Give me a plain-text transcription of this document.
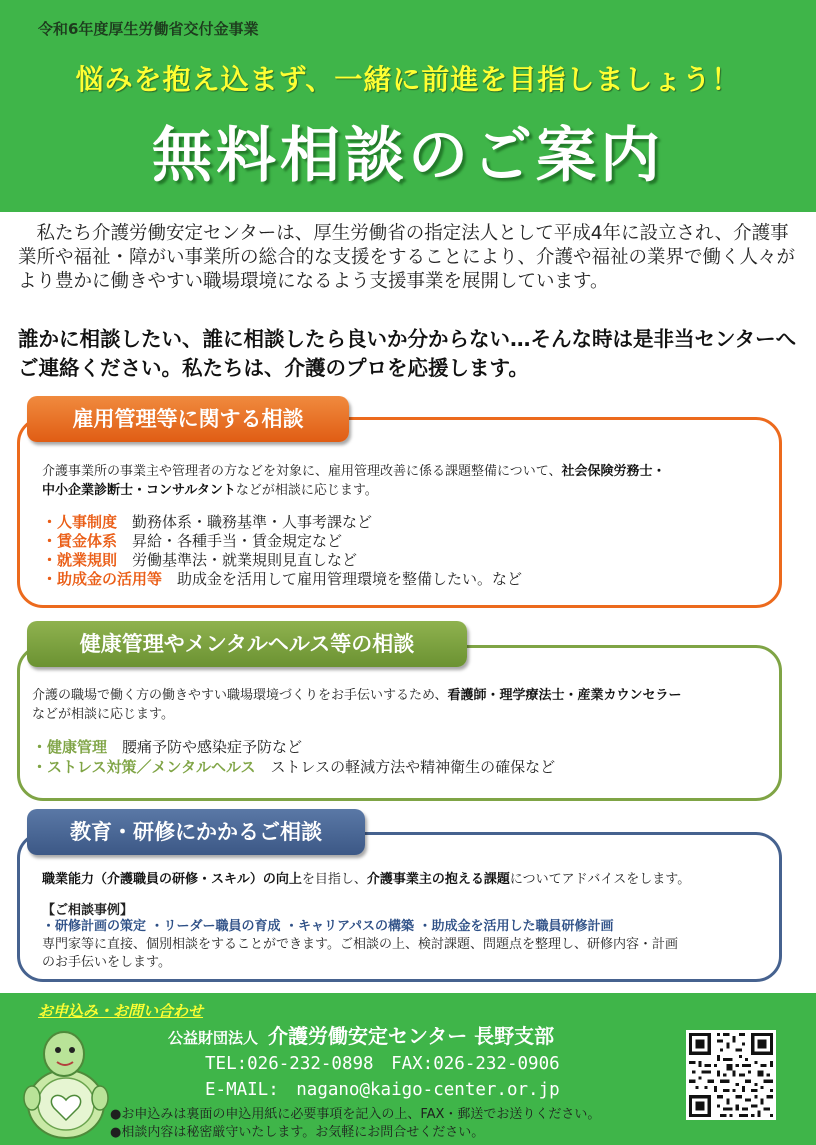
令和6年度厚生労働省交付金事業
悩みを抱え込まず、一緒に前進を目指しましょう！
無料相談のご案内
　私たち介護労働安定センターは、厚生労働省の指定法人として平成4年に設立され、介護事業所や福祉・障がい事業所の総合的な支援をすることにより、介護や福祉の業界で働く人々がより豊かに働きやすい職場環境になるよう支援事業を展開しています。
誰かに相談したい、誰に相談したら良いか分からない…そんな時は是非当センターへご連絡ください。私たちは、介護のプロを応援します。
雇用管理等に関する相談
介護事業所の事業主や管理者の方などを対象に、雇用管理改善に係る課題整備について、社会保険労務士・
中小企業診断士・コンサルタントなどが相談に応じます。
・人事制度　 勤務体系・職務基準・人事考課など
・賃金体系　 昇給・各種手当・賃金規定など
・就業規則　 労働基準法・就業規則見直しなど
・助成金の活用等　 助成金を活用して雇用管理環境を整備したい。など
健康管理やメンタルヘルス等の相談
介護の職場で働く方の働きやすい職場環境づくりをお手伝いするため、看護師・理学療法士・産業カウンセラー
などが相談に応じます。
・健康管理　 腰痛予防や感染症予防など
・ストレス対策／メンタルヘルス　 ストレスの軽減方法や精神衛生の確保など
教育・研修にかかるご相談
職業能力（介護職員の研修・スキル）の向上を目指し、介護事業主の抱える課題についてアドバイスをします。
【ご相談事例】
・研修計画の策定 ・リーダー職員の育成 ・キャリアパスの構築 ・助成金を活用した職員研修計画
専門家等に直接、個別相談をすることができます。ご相談の上、検討課題、問題点を整理し、研修内容・計画
のお手伝いをします。
お申込み・お問い合わせ
公益財団法人 介護労働安定センター 長野支部
TEL:026-232-0898　FAX:026-232-0906
E-MAIL:　nagano@kaigo-center.or.jp
●お申込みは裏面の申込用紙に必要事項を記入の上、FAX・郵送でお送りください。
●相談内容は秘密厳守いたします。お気軽にお問合せください。
